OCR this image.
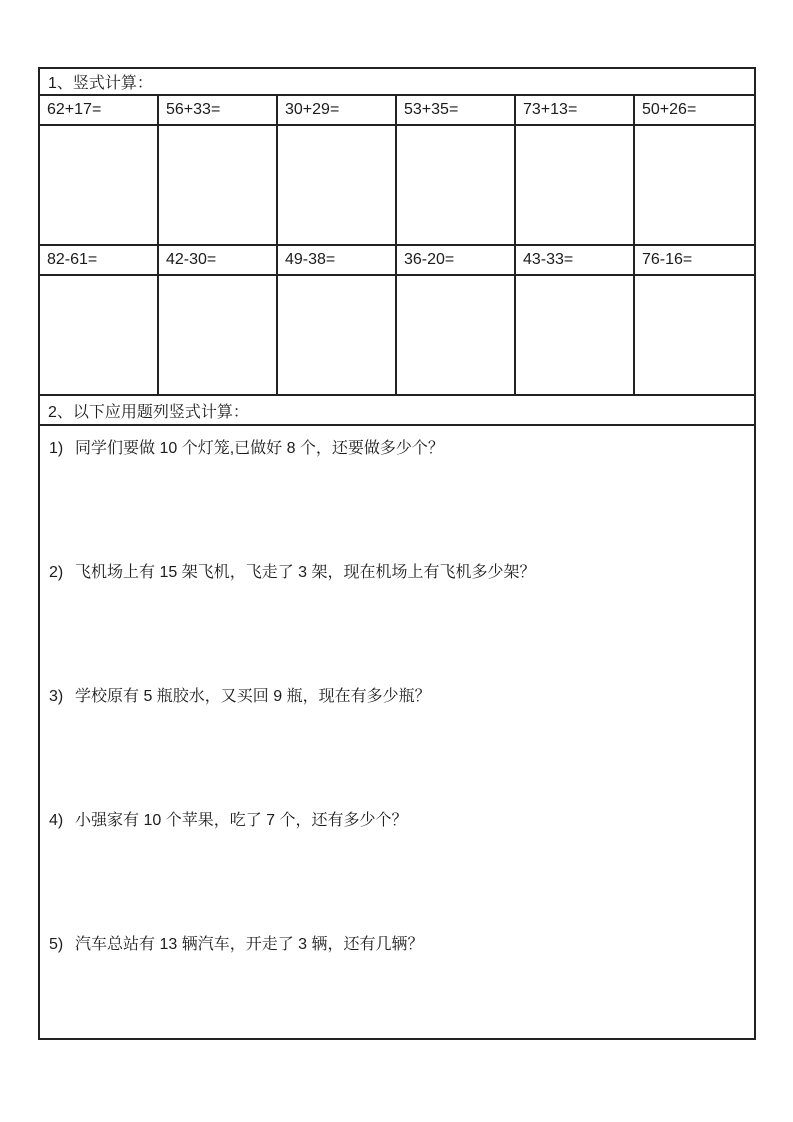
1、竖式计算：
62+17=	56+33=	30+29=	53+35=	73+13=	50+26=
82-61=	42-30=	49-38=	36-20=	43-33=	76-16=
2、以下应用题列竖式计算：
1) 同学们要做 10 个灯笼,已做好 8 个，还要做多少个？
2) 飞机场上有 15 架飞机，飞走了 3 架，现在机场上有飞机多少架？
3) 学校原有 5 瓶胶水，又买回 9 瓶，现在有多少瓶？
4) 小强家有 10 个苹果，吃了 7 个，还有多少个？
5) 汽车总站有 13 辆汽车，开走了 3 辆，还有几辆？
